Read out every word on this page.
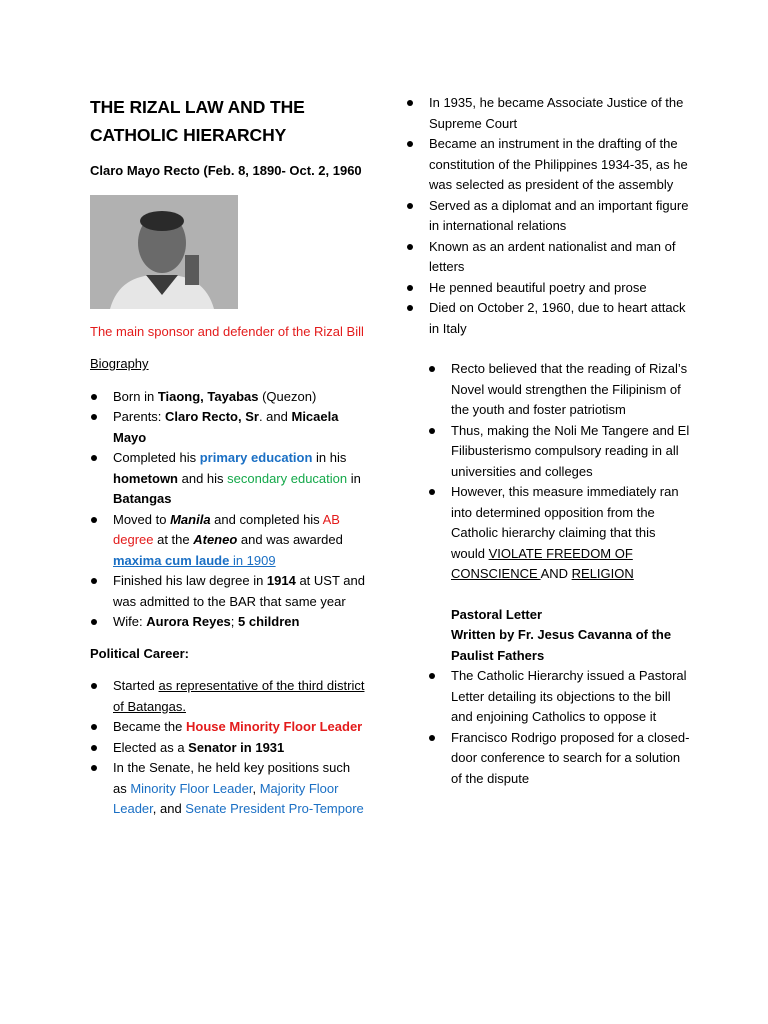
THE RIZAL LAW AND THE
CATHOLIC HIERARCHY
Claro Mayo Recto (Feb. 8, 1890- Oct. 2, 1960
The main sponsor and defender of the Rizal Bill
Biography
Born in Tiaong, Tayabas (Quezon)
Parents: Claro Recto, Sr. and Micaela Mayo
Completed his primary education in his hometown and his secondary education in Batangas
Moved to Manila and completed his AB degree at the Ateneo and was awarded maxima cum laude in 1909
Finished his law degree in 1914 at UST and was admitted to the BAR that same year
Wife: Aurora Reyes; 5 children
Political Career:
Started as representative of the third district of Batangas.
Became the House Minority Floor Leader
Elected as a Senator in 1931
In the Senate, he held key positions such as Minority Floor Leader, Majority Floor Leader, and Senate President Pro-Tempore
In 1935, he became Associate Justice of the Supreme Court
Became an instrument in the drafting of the constitution of the Philippines 1934-35, as he was selected as president of the assembly
Served as a diplomat and an important figure in international relations
Known as an ardent nationalist and man of letters
He penned beautiful poetry and prose
Died on October 2, 1960, due to heart attack in Italy
Recto believed that the reading of Rizal’s Novel would strengthen the Filipinism of the youth and foster patriotism
Thus, making the Noli Me Tangere and El Filibusterismo compulsory reading in all universities and colleges
However, this measure immediately ran into determined opposition from the Catholic hierarchy claiming that this would VIOLATE FREEDOM OF CONSCIENCE AND RELIGION
Pastoral Letter
Written by Fr. Jesus Cavanna of the Paulist Fathers
The Catholic Hierarchy issued a Pastoral Letter detailing its objections to the bill and enjoining Catholics to oppose it
Francisco Rodrigo proposed for a closed-door conference to search for a solution of the dispute
